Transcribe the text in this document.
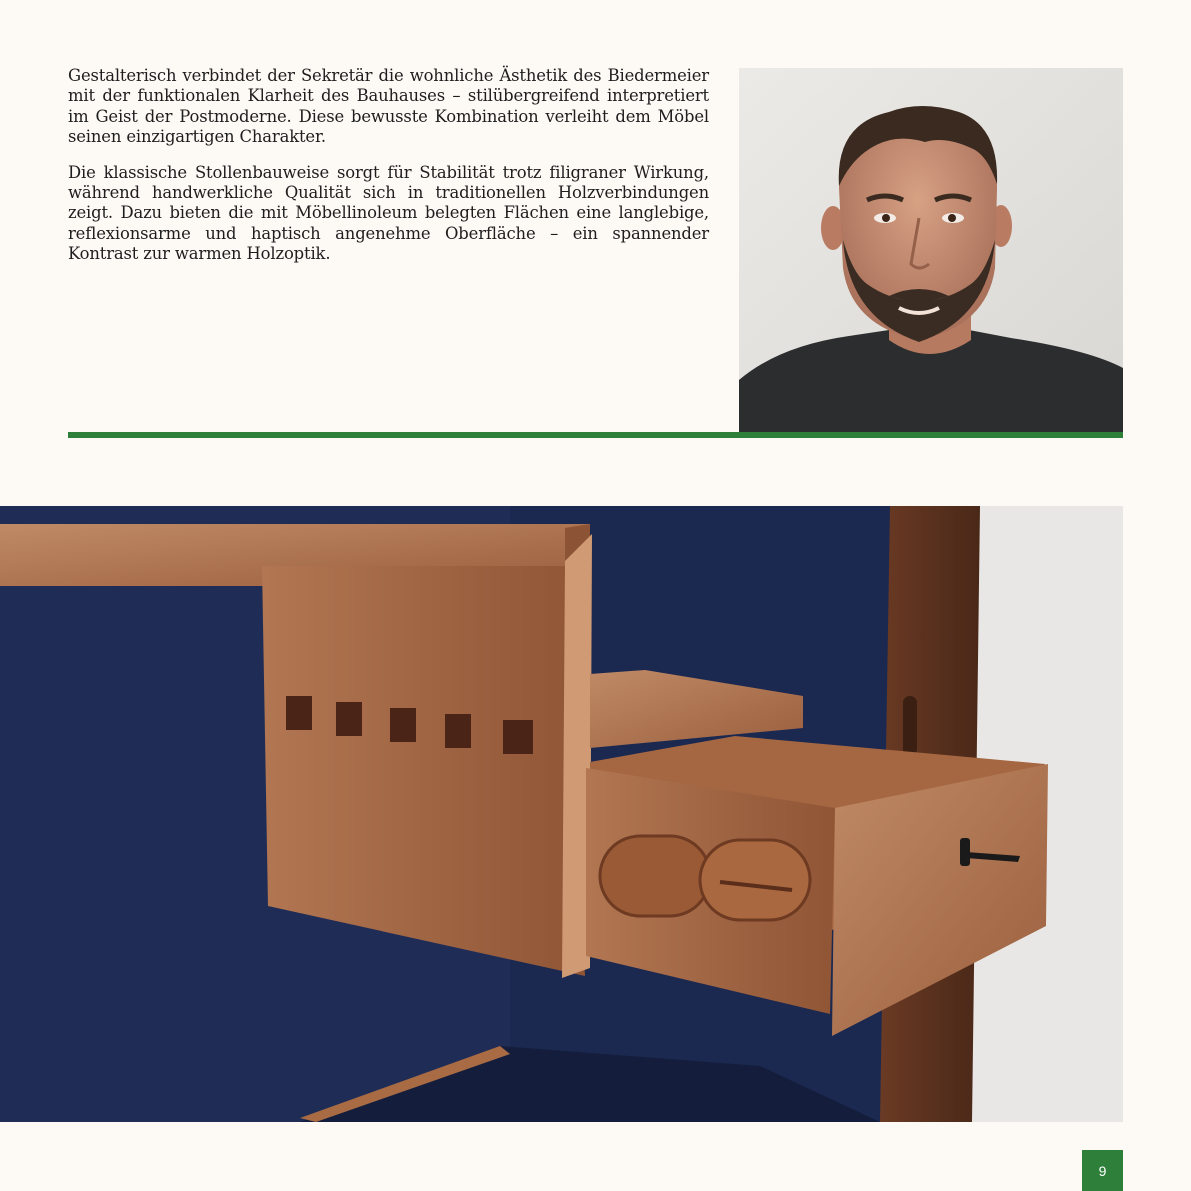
Gestalterisch verbindet der Sekretär die wohnliche Ästhetik des Biedermeier mit der funktionalen Klarheit des Bauhauses – stilübergreifend interpretiert im Geist der Postmoderne. Diese bewusste Kombination verleiht dem Möbel seinen einzigartigen Charakter.

Die klassische Stollenbauweise sorgt für Stabilität trotz filigraner Wirkung, während handwerkliche Qualität sich in traditionellen Holzverbindungen zeigt. Dazu bieten die mit Möbellinoleum belegten Flächen eine langlebige, reflexionsarme und haptisch angenehme Oberfläche – ein spannender Kontrast zur warmen Holzoptik.

9
